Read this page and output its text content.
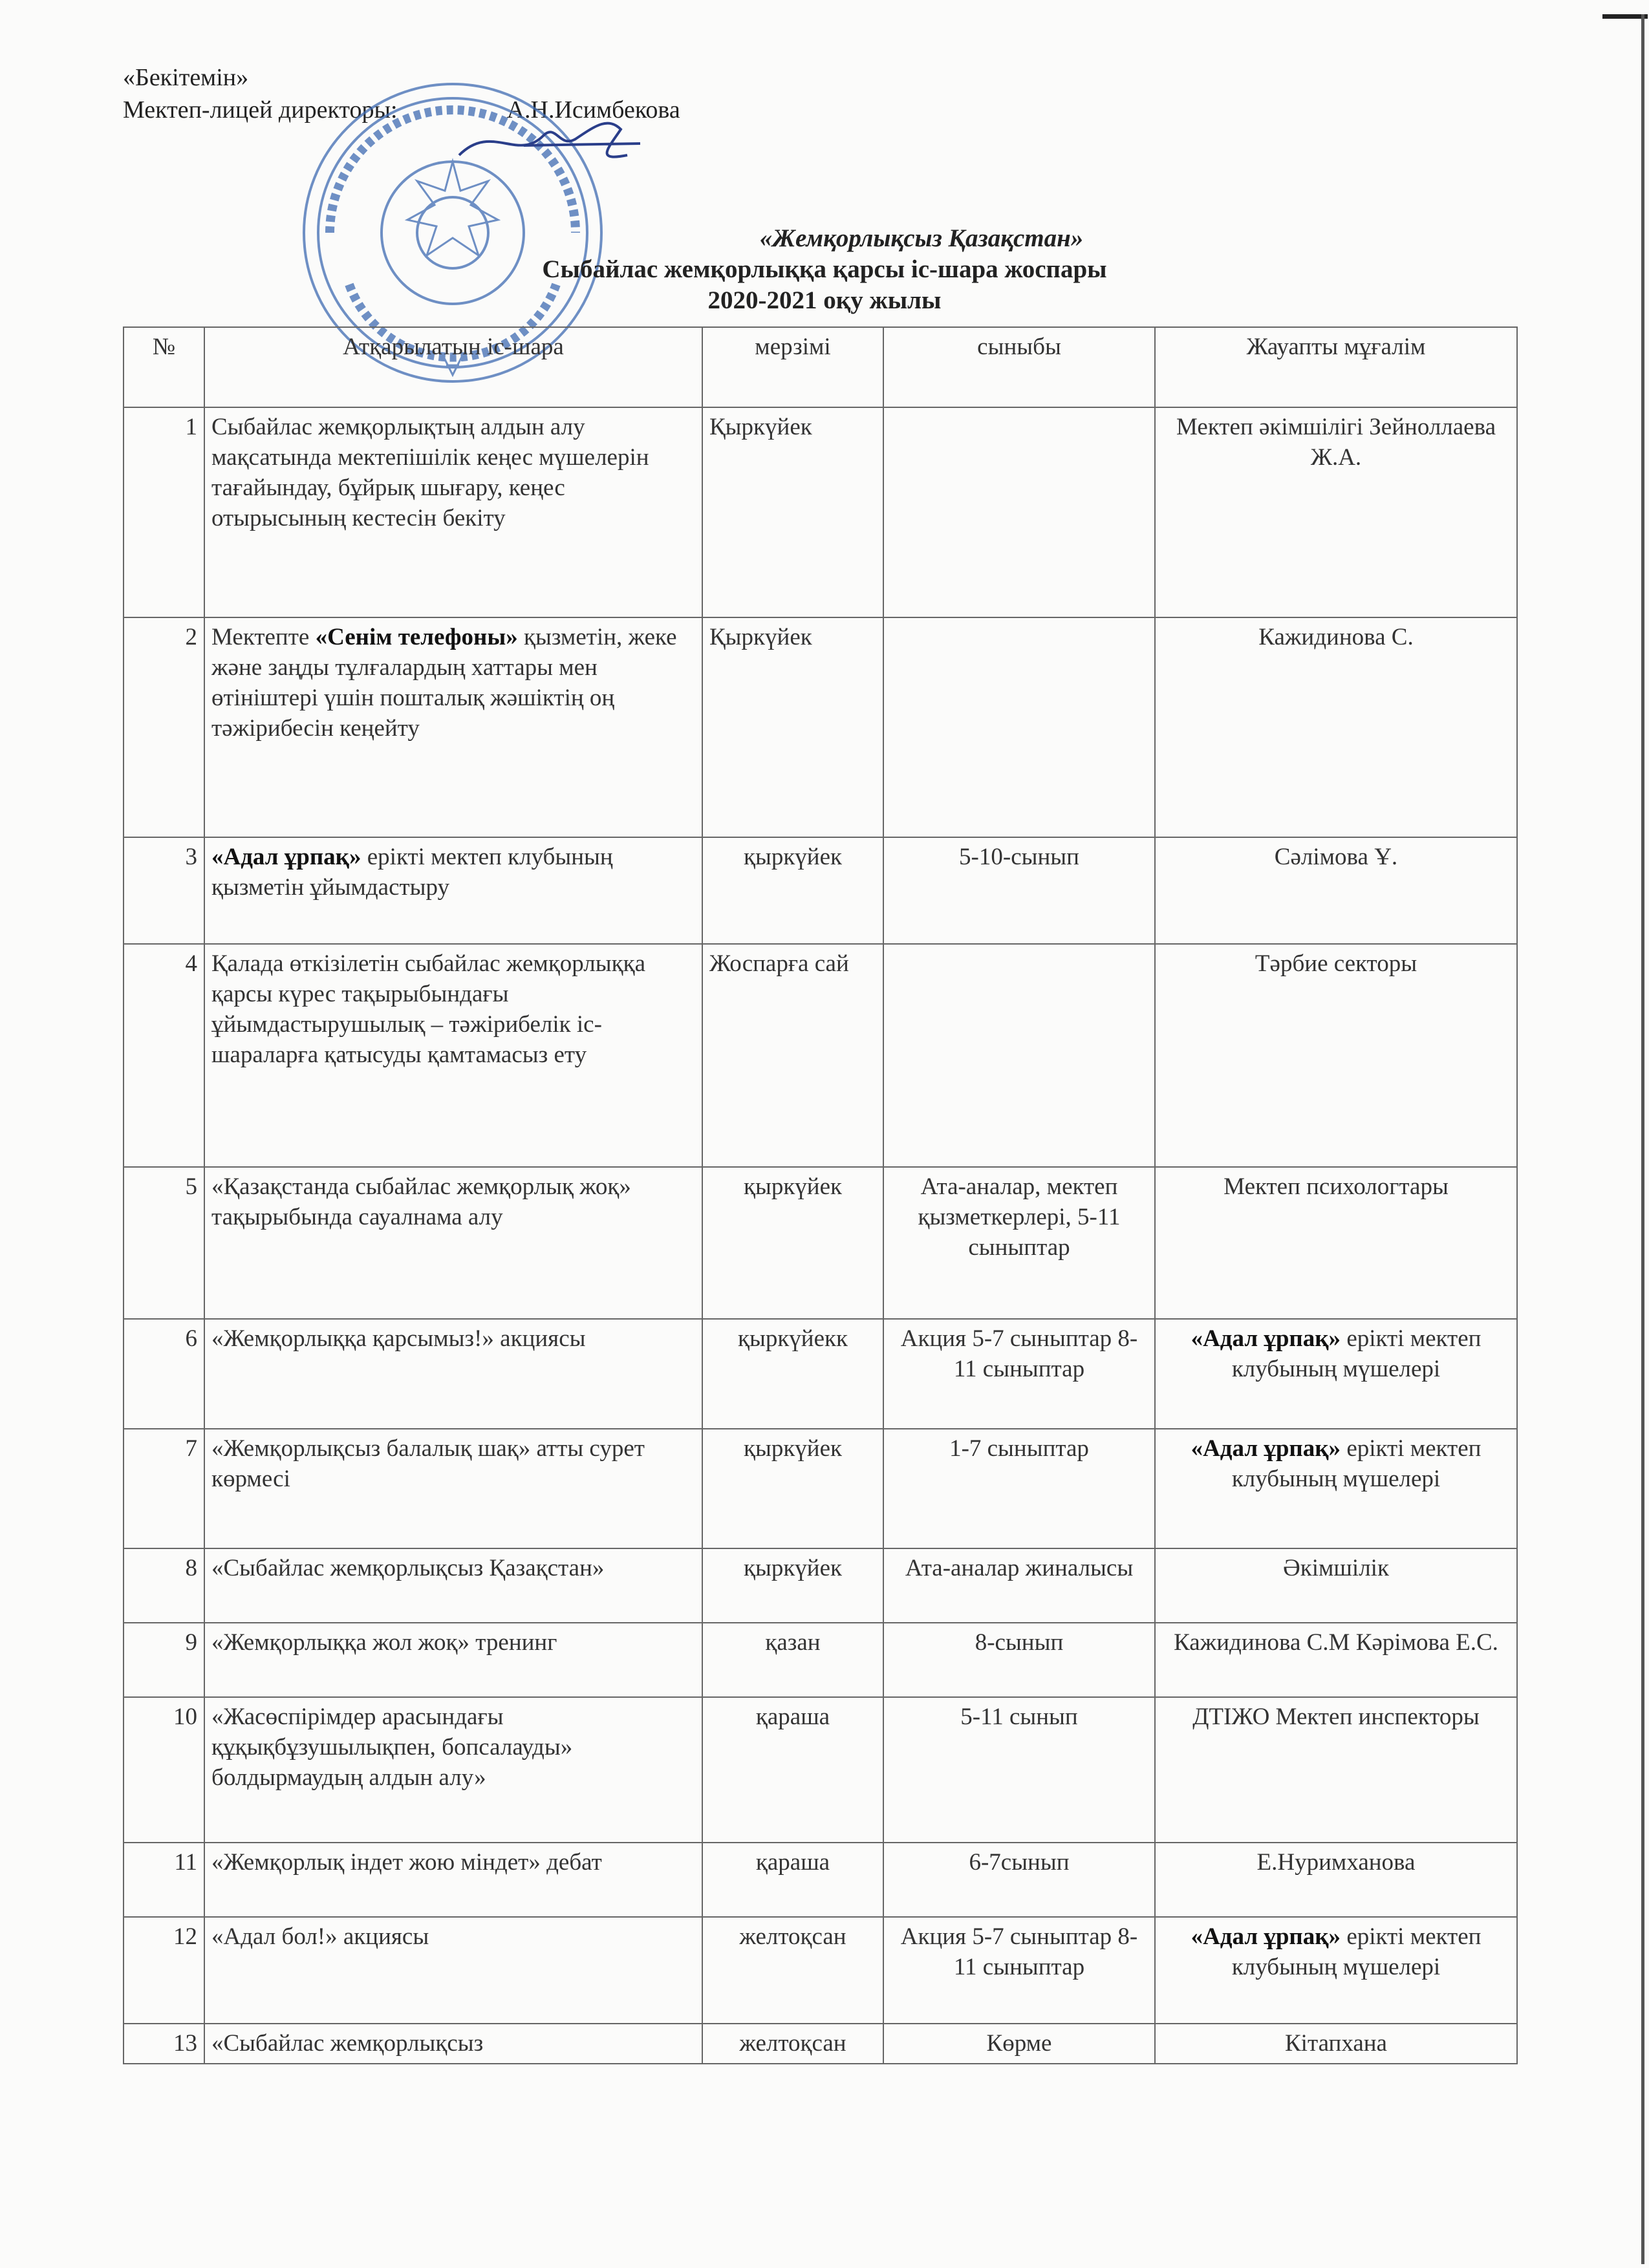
«Бекітемін»
Мектеп-лицей директоры:	А.Н.Исимбекова
«Жемқорлықсыз Қазақстан»
Сыбайлас жемқорлыққа қарсы іс-шара жоспары
2020-2021 оқу жылы
№	Атқарылатын іс-шара	мерзімі	сыныбы	Жауапты мұғалім
1	Сыбайлас жемқорлықтың алдын алу мақсатында мектепішілік кеңес мүшелерін тағайындау, бұйрық шығару, кеңес отырысының кестесін бекіту	Қыркүйек		Мектеп әкімшілігі Зейноллаева Ж.А.
2	Мектепте «Сенім телефоны» қызметін, жеке және заңды тұлғалардың хаттары мен өтініштері үшін пошталық жәшіктің оң тәжірибесін кеңейту	Қыркүйек		Кажидинова С.
3	«Адал ұрпақ» ерікті мектеп клубының қызметін ұйымдастыру	қыркүйек	5-10-сынып	Сәлімова Ұ.
4	Қалада өткізілетін сыбайлас жемқорлыққа қарсы күрес тақырыбындағы ұйымдастырушылық – тәжірибелік іс-шараларға қатысуды қамтамасыз ету	Жоспарға сай		Тәрбие секторы
5	«Қазақстанда сыбайлас жемқорлық жоқ» тақырыбында сауалнама алу	қыркүйек	Ата-аналар, мектеп қызметкерлері, 5-11 сыныптар	Мектеп психологтары
6	«Жемқорлыққа қарсымыз!» акциясы	қыркүйекк	Акция 5-7 сыныптар 8-11 сыныптар	«Адал ұрпақ» ерікті мектеп клубының мүшелері
7	«Жемқорлықсыз балалық шақ» атты сурет көрмесі	қыркүйек	1-7 сыныптар	«Адал ұрпақ» ерікті мектеп клубының мүшелері
8	«Сыбайлас жемқорлықсыз Қазақстан»	қыркүйек	Ата-аналар жиналысы	Әкімшілік
9	«Жемқорлыққа жол жоқ» тренинг	қазан	8-сынып	Кажидинова С.М Кәрімова Е.С.
10	«Жасөспірімдер арасындағы құқықбұзушылықпен, бопсалауды» болдырмаудың алдын алу»	қараша	5-11 сынып	ДТІЖО Мектеп инспекторы
11	«Жемқорлық індет жою міндет» дебат	қараша	6-7сынып	Е.Нуримханова
12	«Адал бол!» акциясы	желтоқсан	Акция 5-7 сыныптар 8-11 сыныптар	«Адал ұрпақ» ерікті мектеп клубының мүшелері
13	«Сыбайлас жемқорлықсыз	желтоқсан	Көрме	Кітапхана
